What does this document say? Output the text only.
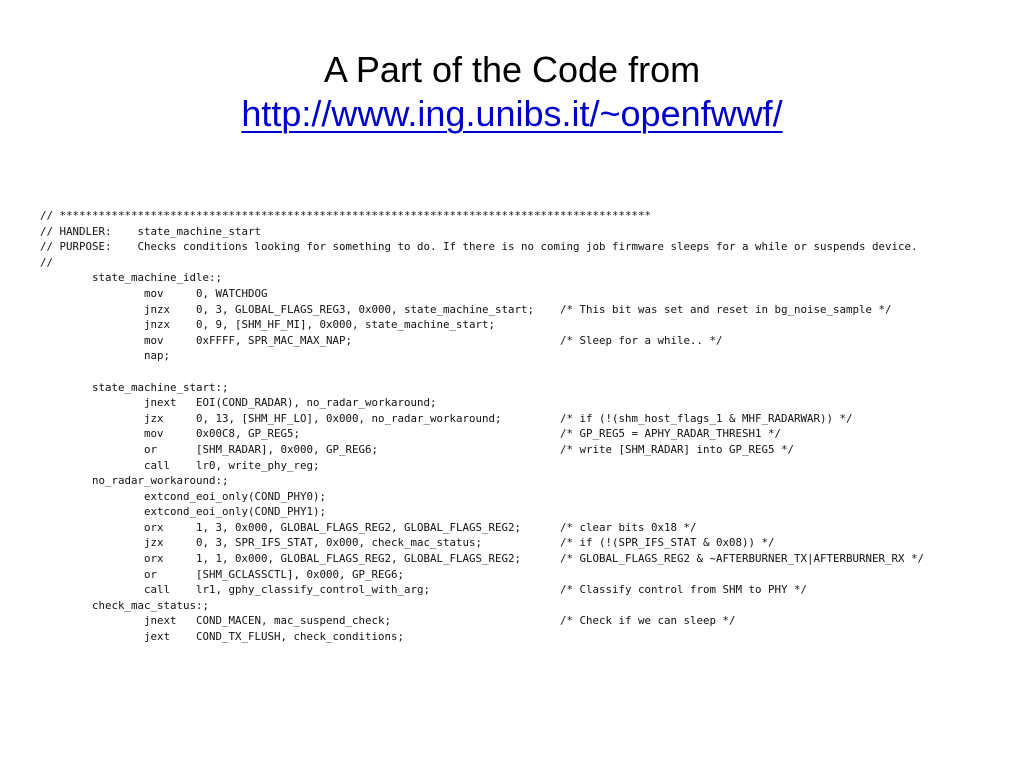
A Part of the Code from
http://www.ing.unibs.it/~openfwwf/
// *******************************************************************************************
// HANDLER:    state_machine_start
// PURPOSE:    Checks conditions looking for something to do. If there is no coming job firmware sleeps for a while or suspends device.
//
state_machine_idle:;
mov     0, WATCHDOG
jnzx    0, 3, GLOBAL_FLAGS_REG3, 0x000, state_machine_start;    /* This bit was set and reset in bg_noise_sample */
jnzx    0, 9, [SHM_HF_MI], 0x000, state_machine_start;
mov     0xFFFF, SPR_MAC_MAX_NAP;                                /* Sleep for a while.. */
nap;
state_machine_start:;
jnext   EOI(COND_RADAR), no_radar_workaround;
jzx     0, 13, [SHM_HF_LO], 0x000, no_radar_workaround;         /* if (!(shm_host_flags_1 & MHF_RADARWAR)) */
mov     0x00C8, GP_REG5;                                        /* GP_REG5 = APHY_RADAR_THRESH1 */
or      [SHM_RADAR], 0x000, GP_REG6;                            /* write [SHM_RADAR] into GP_REG5 */
call    lr0, write_phy_reg;
no_radar_workaround:;
extcond_eoi_only(COND_PHY0);
extcond_eoi_only(COND_PHY1);
orx     1, 3, 0x000, GLOBAL_FLAGS_REG2, GLOBAL_FLAGS_REG2;      /* clear bits 0x18 */
jzx     0, 3, SPR_IFS_STAT, 0x000, check_mac_status;            /* if (!(SPR_IFS_STAT & 0x08)) */
orx     1, 1, 0x000, GLOBAL_FLAGS_REG2, GLOBAL_FLAGS_REG2;      /* GLOBAL_FLAGS_REG2 & ~AFTERBURNER_TX|AFTERBURNER_RX */
or      [SHM_GCLASSCTL], 0x000, GP_REG6;
call    lr1, gphy_classify_control_with_arg;                    /* Classify control from SHM to PHY */
check_mac_status:;
jnext   COND_MACEN, mac_suspend_check;                          /* Check if we can sleep */
jext    COND_TX_FLUSH, check_conditions;
